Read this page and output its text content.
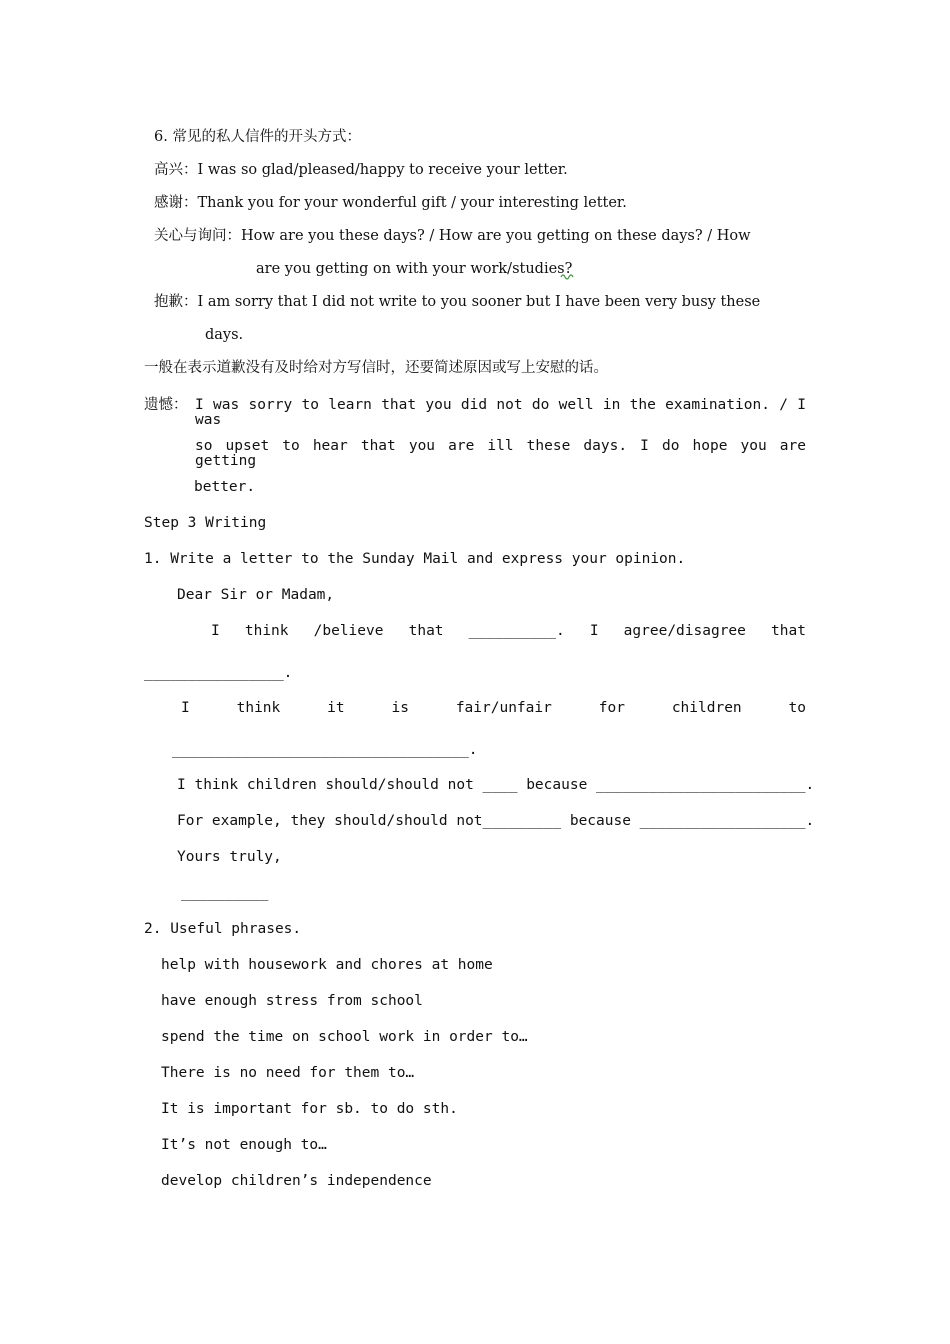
6. 常见的私人信件的开头方式：
高兴：I was so glad/pleased/happy to receive your letter.
感谢：Thank you for your wonderful gift / your interesting letter.
关心与询问：How are you these days? / How are you getting on these days? / How
are you getting on with your work/studies?
抱歉：I am sorry that I did not write to you sooner but I have been very busy these
days.
一般在表示道歉没有及时给对方写信时，还要简述原因或写上安慰的话。
遗憾： I was sorry to learn that you did not do well in the examination. / I was
so upset to hear that you are ill these days. I do hope you are getting
better.
Step 3 Writing
1. Write a letter to the Sunday Mail and express your opinion.
Dear Sir or Madam,
I think /believe that __________. I agree/disagree that
________________.
I	think	it	is	fair/unfair	for	children	to
__________________________________.
I think children should/should not ____ because ________________________.
For example, they should/should not_________ because ___________________.
Yours truly,
__________
2. Useful phrases.
help with housework and chores at home
have enough stress from school
spend the time on school work in order to…
There is no need for them to…
It is important for sb. to do sth.
It’s not enough to…
develop children’s independence
